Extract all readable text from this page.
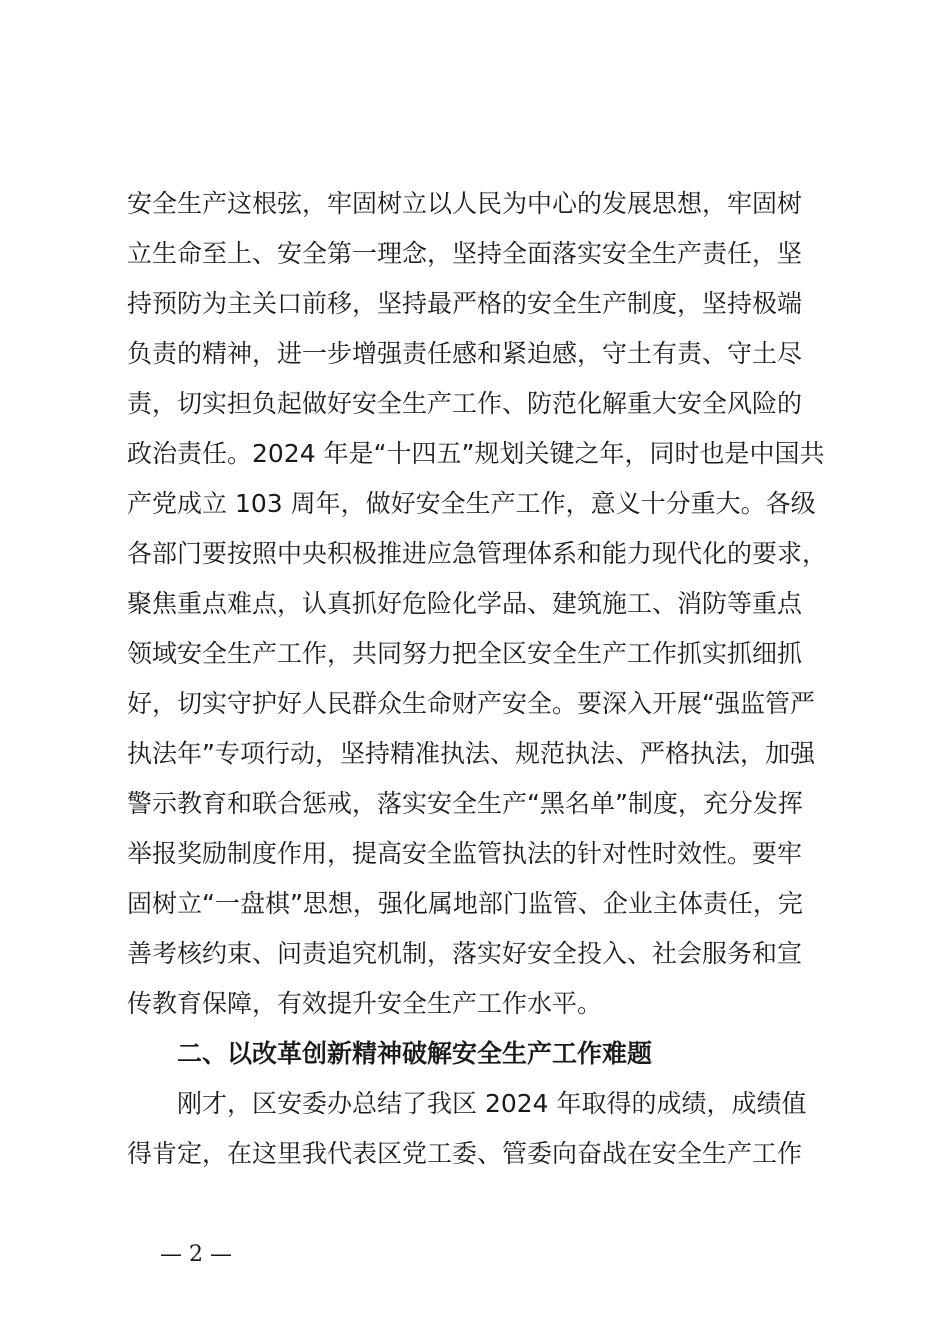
安全生产这根弦，牢固树立以人民为中心的发展思想，牢固树
立生命至上、安全第一理念，坚持全面落实安全生产责任，坚
持预防为主关口前移，坚持最严格的安全生产制度，坚持极端
负责的精神，进一步增强责任感和紧迫感，守土有责、守土尽
责，切实担负起做好安全生产工作、防范化解重大安全风险的
政治责任。2024 年是“十四五”规划关键之年，同时也是中国共
产党成立 103 周年，做好安全生产工作，意义十分重大。各级
各部门要按照中央积极推进应急管理体系和能力现代化的要求，
聚焦重点难点，认真抓好危险化学品、建筑施工、消防等重点
领域安全生产工作，共同努力把全区安全生产工作抓实抓细抓
好，切实守护好人民群众生命财产安全。要深入开展“强监管严
执法年”专项行动，坚持精准执法、规范执法、严格执法，加强
警示教育和联合惩戒，落实安全生产“黑名单”制度，充分发挥
举报奖励制度作用，提高安全监管执法的针对性时效性。要牢
固树立“一盘棋”思想，强化属地部门监管、企业主体责任，完
善考核约束、问责追究机制，落实好安全投入、社会服务和宣
传教育保障，有效提升安全生产工作水平。
二、以改革创新精神破解安全生产工作难题
刚才，区安委办总结了我区 2024 年取得的成绩，成绩值
得肯定，在这里我代表区党工委、管委向奋战在安全生产工作
— 2 —
